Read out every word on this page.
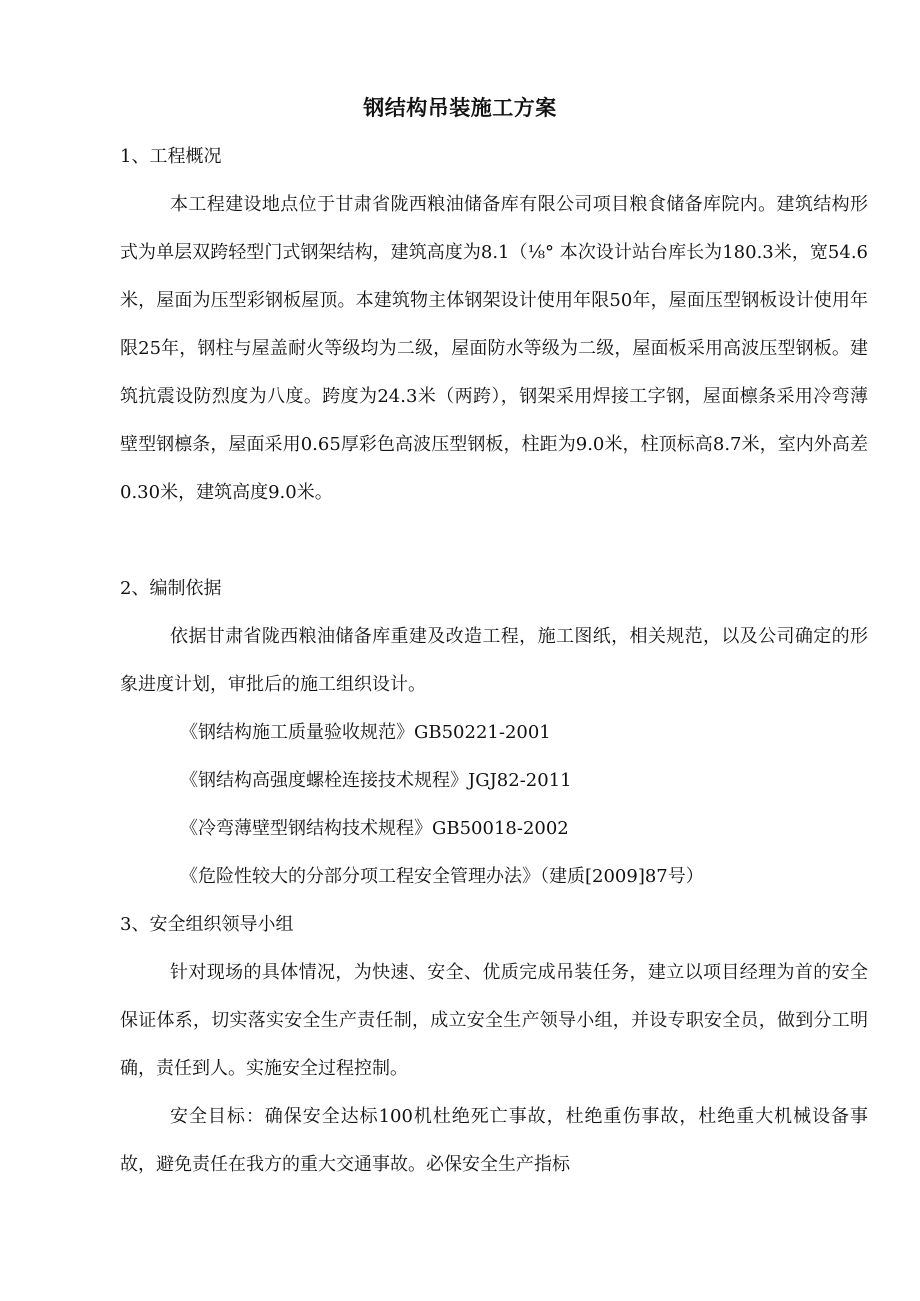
钢结构吊装施工方案

1、工程概况

本工程建设地点位于甘肃省陇西粮油储备库有限公司项目粮食储备库院内。建筑结构形式为单层双跨轻型门式钢架结构，建筑高度为8.1（⅛° 本次设计站台库长为180.3米，宽54.6米，屋面为压型彩钢板屋顶。本建筑物主体钢架设计使用年限50年，屋面压型钢板设计使用年限25年，钢柱与屋盖耐火等级均为二级，屋面防水等级为二级，屋面板采用高波压型钢板。建筑抗震设防烈度为八度。跨度为24.3米（两跨），钢架采用焊接工字钢，屋面檩条采用冷弯薄壁型钢檩条，屋面采用0.65厚彩色高波压型钢板，柱距为9.0米，柱顶标高8.7米，室内外高差0.30米，建筑高度9.0米。

2、编制依据

依据甘肃省陇西粮油储备库重建及改造工程，施工图纸，相关规范，以及公司确定的形象进度计划，审批后的施工组织设计。

《钢结构施工质量验收规范》GB50221-2001

《钢结构高强度螺栓连接技术规程》JGJ82-2011

《冷弯薄壁型钢结构技术规程》GB50018-2002

《危险性较大的分部分项工程安全管理办法》（建质[2009]87号）

3、安全组织领导小组

针对现场的具体情况，为快速、安全、优质完成吊装任务，建立以项目经理为首的安全保证体系，切实落实安全生产责任制，成立安全生产领导小组，并设专职安全员，做到分工明确，责任到人。实施安全过程控制。

安全目标：确保安全达标100机杜绝死亡事故，杜绝重伤事故，杜绝重大机械设备事故，避免责任在我方的重大交通事故。必保安全生产指标
